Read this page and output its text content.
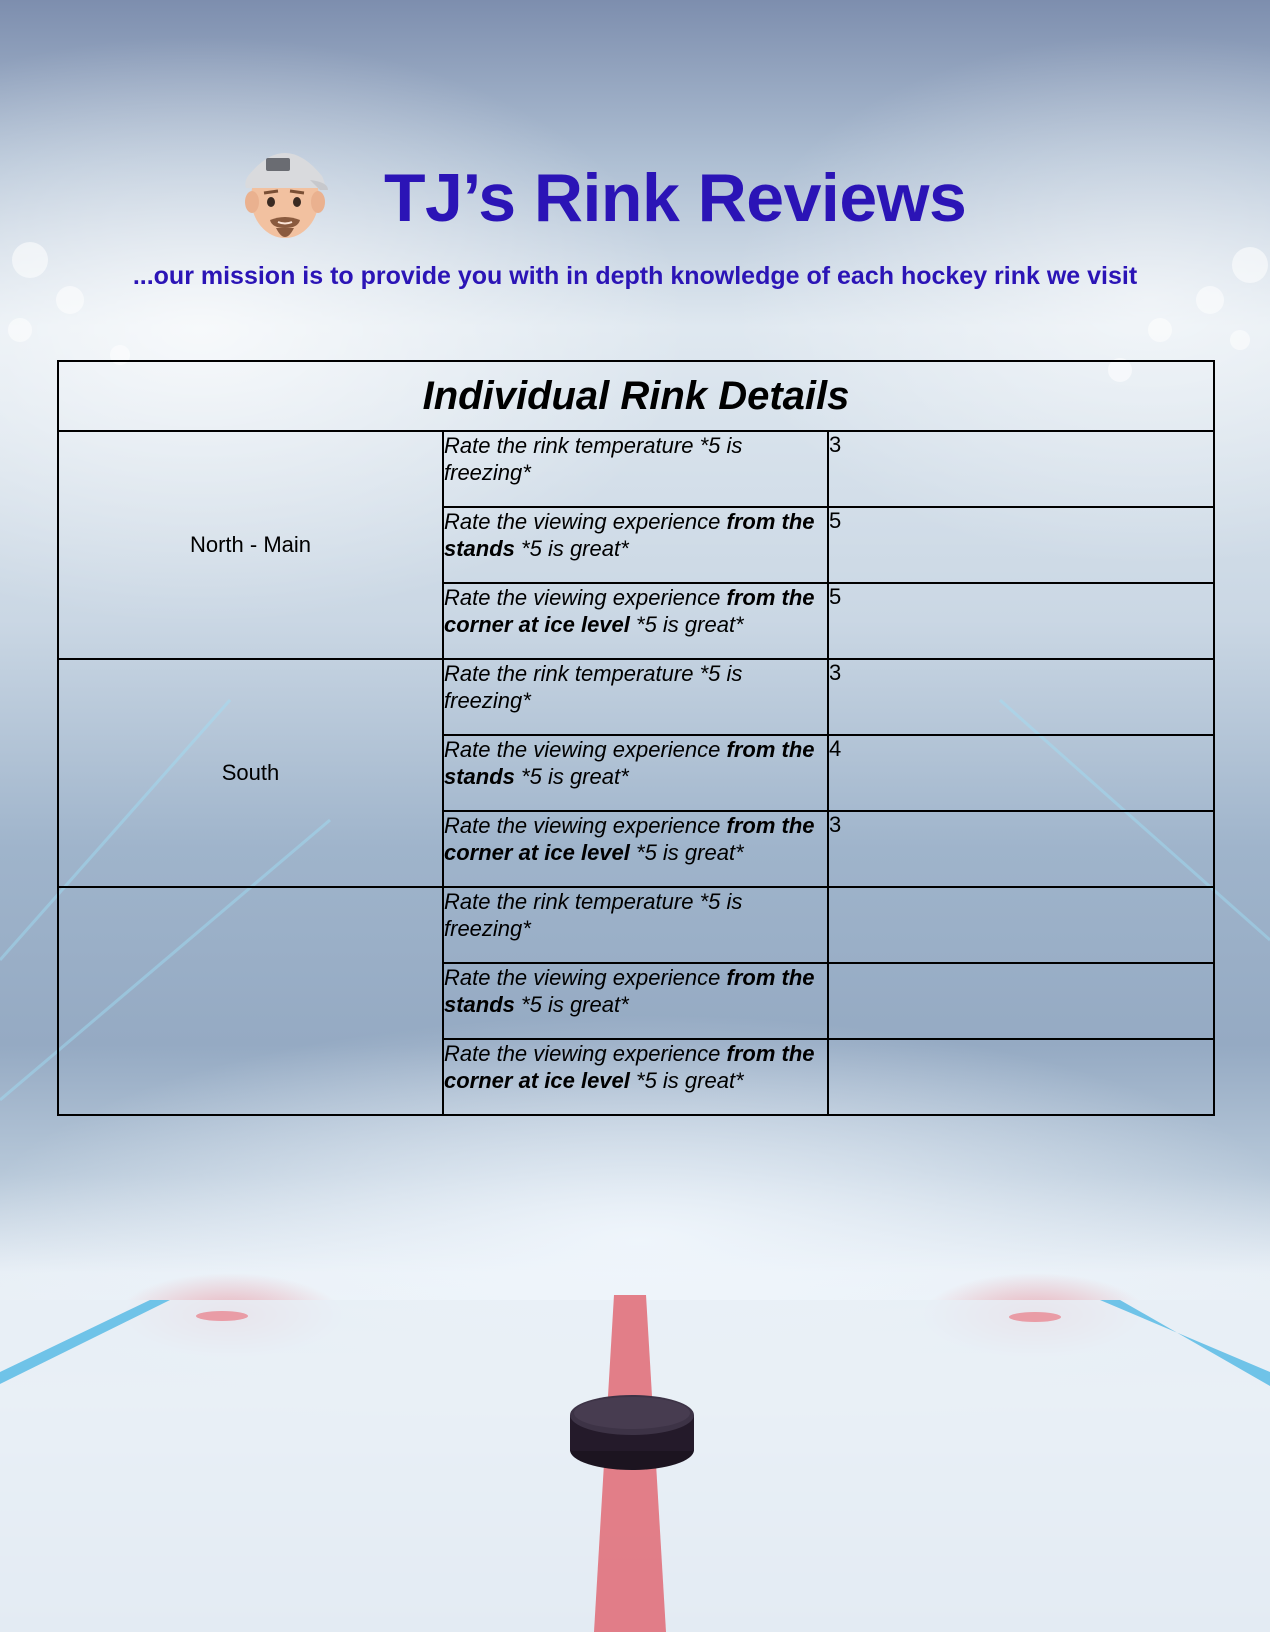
TJ’s Rink Reviews

...our mission is to provide you with in depth knowledge of each hockey rink we visit

Individual Rink Details		
North - Main	Rate the rink temperature *5 is freezing*	3
	Rate the viewing experience from the stands *5 is great*	5
	Rate the viewing experience from the corner at ice level *5 is great*	5
South	Rate the rink temperature *5 is freezing*	3
	Rate the viewing experience from the stands *5 is great*	4
	Rate the viewing experience from the corner at ice level *5 is great*	3
	Rate the rink temperature *5 is freezing*	
	Rate the viewing experience from the stands *5 is great*	
	Rate the viewing experience from the corner at ice level *5 is great*	
